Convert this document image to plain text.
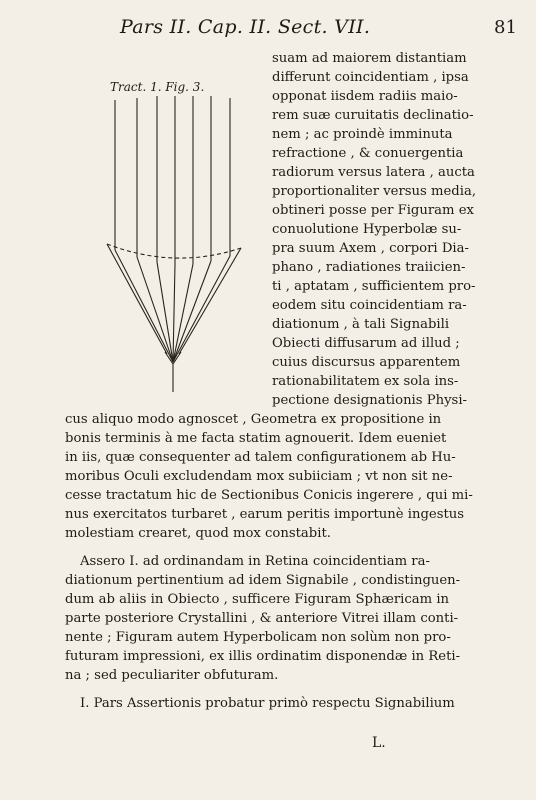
Pars II. Cap. II. Sect. VII.	81
Tract. 1. Fig. 3.
suam ad maiorem distantiam
differunt coincidentiam , ipsa
opponat iisdem radiis maio-
rem suæ curuitatis declinatio-
nem ; ac proindè imminuta
refractione , & conuergentia
radiorum versus latera , aucta
proportionaliter versus media,
obtineri posse per Figuram ex
conuolutione Hyperbolæ su-
pra suum Axem , corpori Dia-
phano , radiationes traiicien-
ti , aptatam , sufficientem pro-
eodem situ coincidentiam ra-
diationum , à tali Signabili
Obiecti diffusarum ad illud ;
cuius discursus apparentem
rationabilitatem ex sola ins-
pectione designationis Physi-
cus aliquo modo agnoscet , Geometra ex propositione in
bonis terminis à me facta statim agnouerit. Idem eueniet
in iis, quæ consequenter ad talem configurationem ab Hu-
moribus Oculi excludendam mox subiiciam ; vt non sit ne-
cesse tractatum hic de Sectionibus Conicis ingerere , qui mi-
nus exercitatos turbaret , earum peritis importunè ingestus
molestiam crearet, quod mox constabit.
Assero I. ad ordinandam in Retina coincidentiam ra-
diationum pertinentium ad idem Signabile , condistinguen-
dum ab aliis in Obiecto , sufficere Figuram Sphæricam in
parte posteriore Crystallini , & anteriore Vitrei illam conti-
nente ; Figuram autem Hyperbolicam non solùm non pro-
futuram impressioni, ex illis ordinatim disponendæ in Reti-
na ; sed peculiariter obfuturam.
I. Pars Assertionis probatur primò respectu Signabilium
L.
